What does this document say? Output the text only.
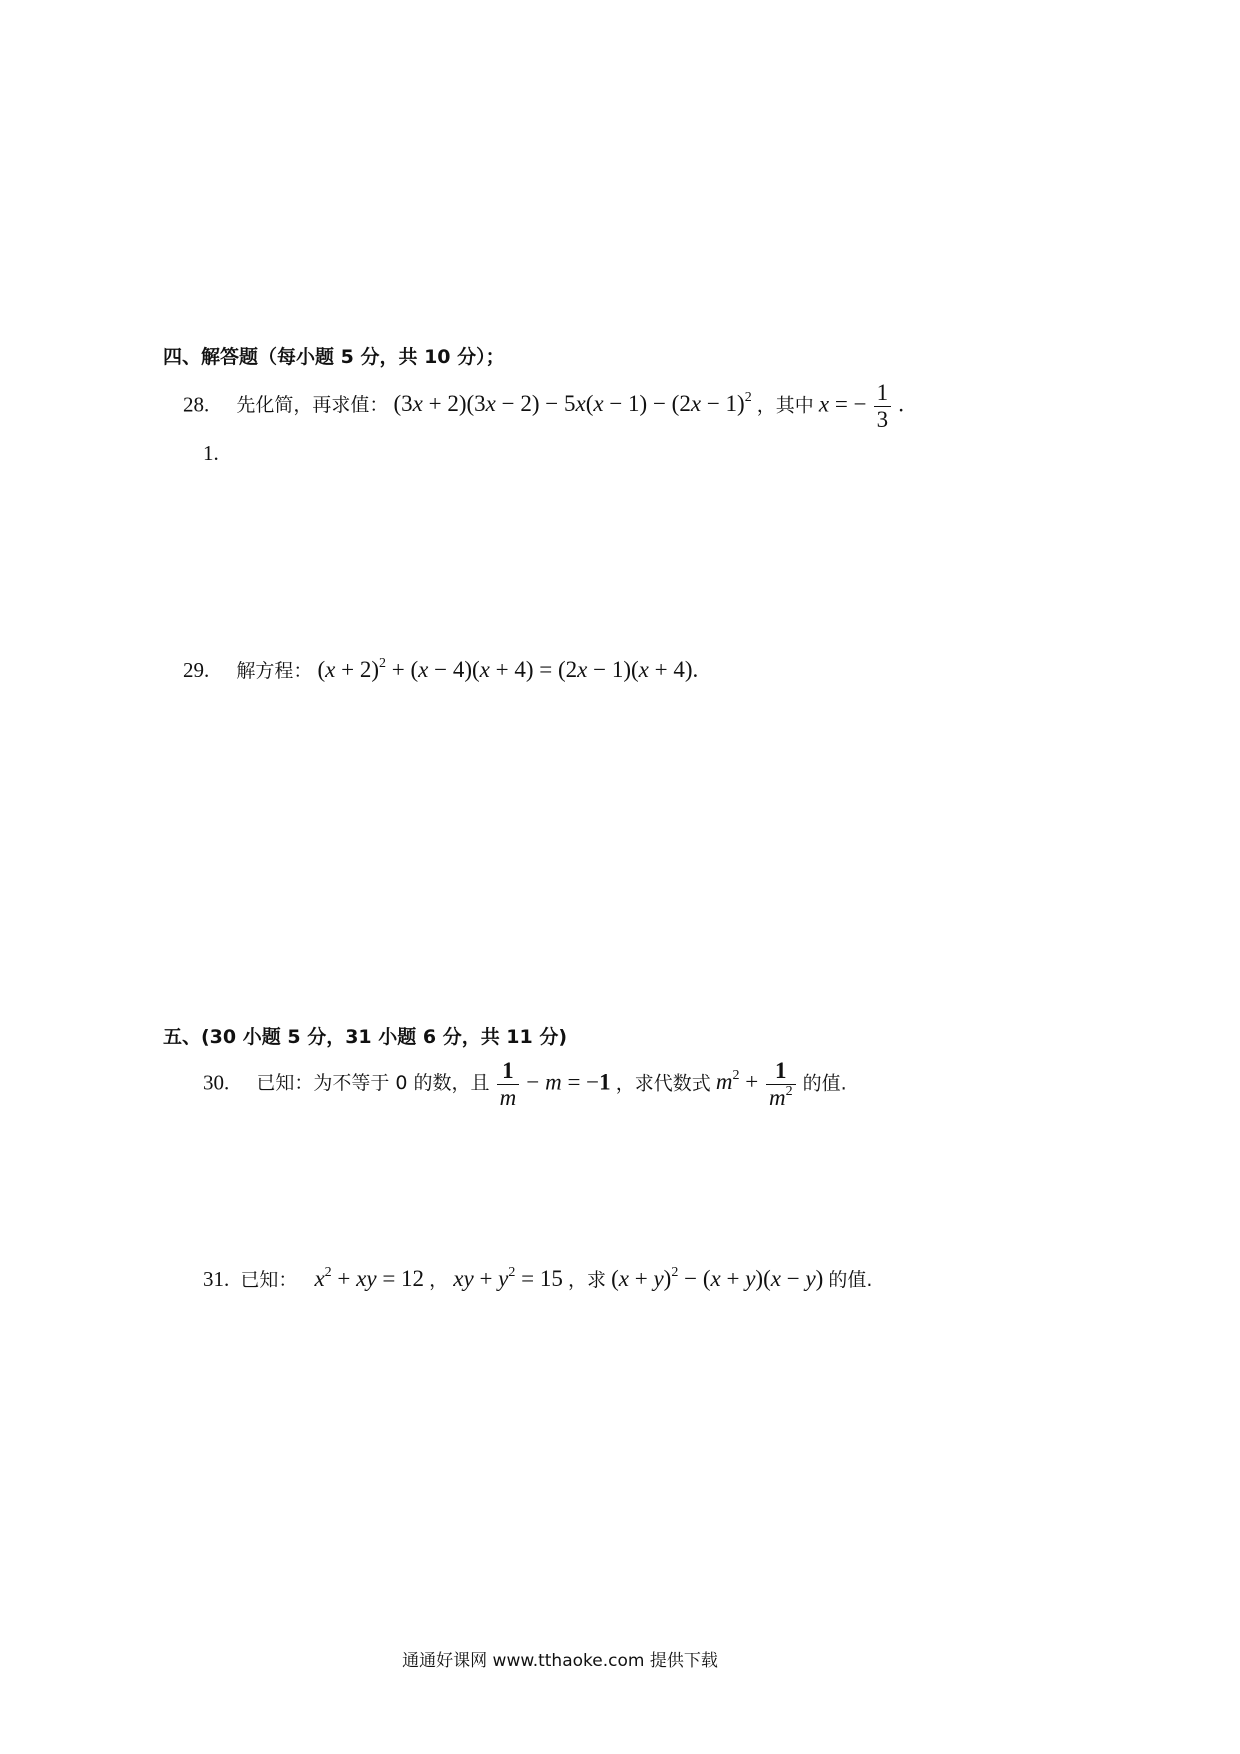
四、解答题（每小题 5 分，共 10 分）；
28. 先化简，再求值： $(3x + 2)(3x - 2) - 5x(x - 1) - (2x - 1)^2$ ，其中 x = − $\frac{1}{3}$ .
1.
29. 解方程： $(x + 2)^2 + (x - 4)(x + 4) = (2x - 1)(x + 4)$.
五、(30 小题 5 分，31 小题 6 分，共 11 分)
30. 已知：为不等于 0 的数，且 $\frac{1}{m} - m = -1$ ，求代数式 $m^2 + \frac{1}{m^2}$ 的值.
31. 已知： $x^2$ + xy = 12 ， xy + $y^2 = 15$ ，求 $(x + y)^2 - (x + y)(x - y)$ 的值.
通通好课网 www.tthaoke.com 提供下载
